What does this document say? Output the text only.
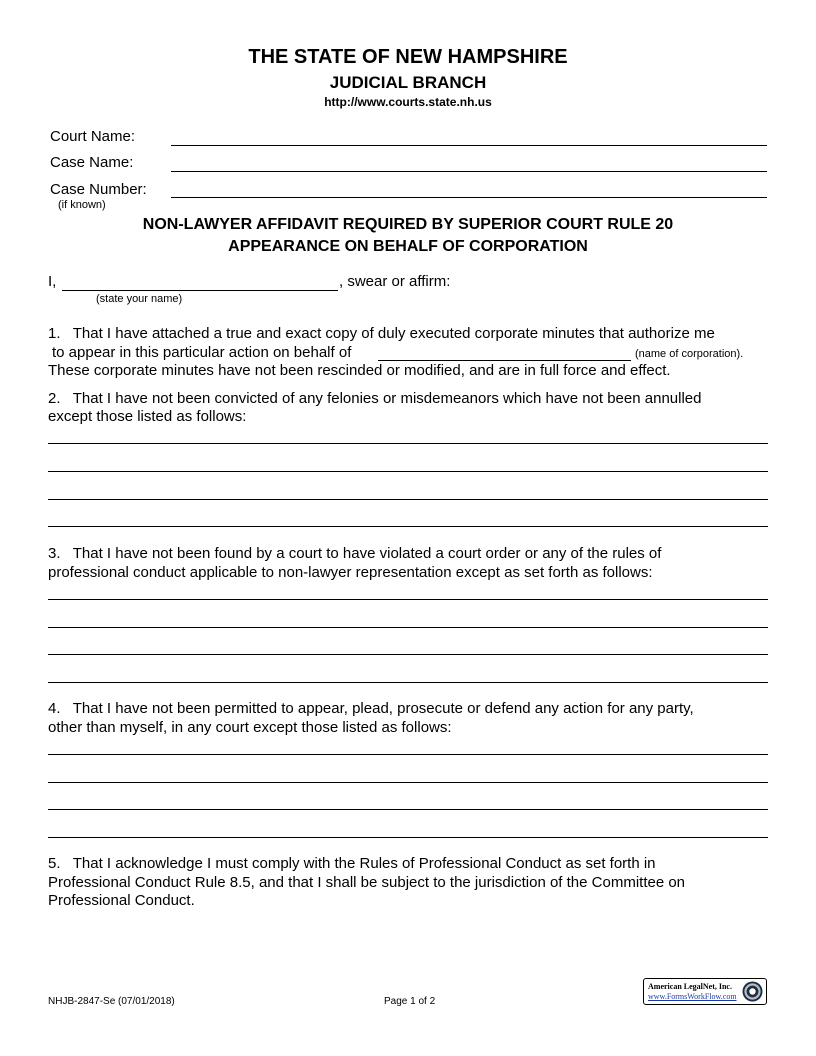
THE STATE OF NEW HAMPSHIRE
JUDICIAL BRANCH
http://www.courts.state.nh.us
Court Name:
Case Name:
Case Number:
(if known)
NON-LAWYER AFFIDAVIT REQUIRED BY SUPERIOR COURT RULE 20
APPEARANCE ON BEHALF OF CORPORATION
I,	, swear or affirm:
(state your name)
1.   That I have attached a true and exact copy of duly executed corporate minutes that authorize me
to appear in this particular action on behalf of	(name of corporation).
These corporate minutes have not been rescinded or modified, and are in full force and effect.
2.   That I have not been convicted of any felonies or misdemeanors which have not been annulled
except those listed as follows:
3.   That I have not been found by a court to have violated a court order or any of the rules of
professional conduct applicable to non-lawyer representation except as set forth as follows:
4.   That I have not been permitted to appear, plead, prosecute or defend any action for any party,
other than myself, in any court except those listed as follows:
5.   That I acknowledge I must comply with the Rules of Professional Conduct as set forth in
Professional Conduct Rule 8.5, and that I shall be subject to the jurisdiction of the Committee on
Professional Conduct.
NHJB-2847-Se (07/01/2018)	Page 1 of 2
American LegalNet, Inc.
www.FormsWorkFlow.com
